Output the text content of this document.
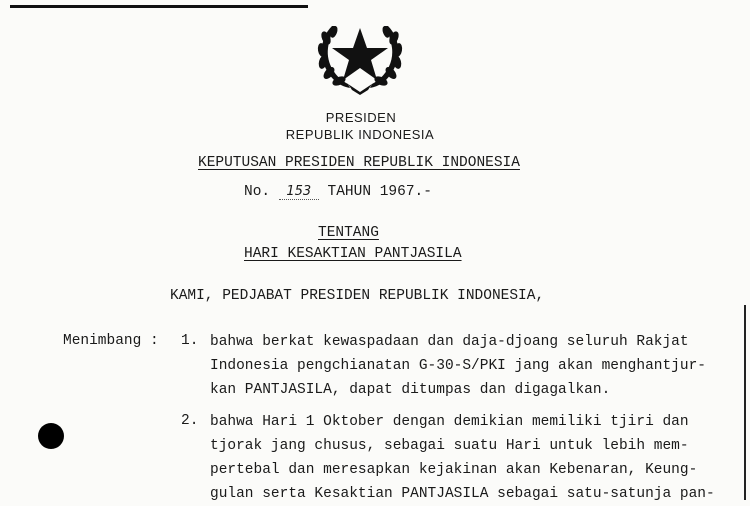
PRESIDEN
REPUBLIK INDONESIA
KEPUTUSAN PRESIDEN REPUBLIK INDONESIA
No. 153 TAHUN 1967.-
TENTANG
HARI KESAKTIAN PANTJASILA
KAMI, PEDJABAT PRESIDEN REPUBLIK INDONESIA,
Menimbang : 1. bahwa berkat kewaspadaan dan daja-djoang seluruh Rakjat
Indonesia pengchianatan G-30-S/PKI jang akan menghantjur-
kan PANTJASILA, dapat ditumpas dan digagalkan.
2. bahwa Hari 1 Oktober dengan demikian memiliki tjiri dan
tjorak jang chusus, sebagai suatu Hari untuk lebih mem-
pertebal dan meresapkan kejakinan akan Kebenaran, Keung-
gulan serta Kesaktian PANTJASILA sebagai satu-satunja pan-
